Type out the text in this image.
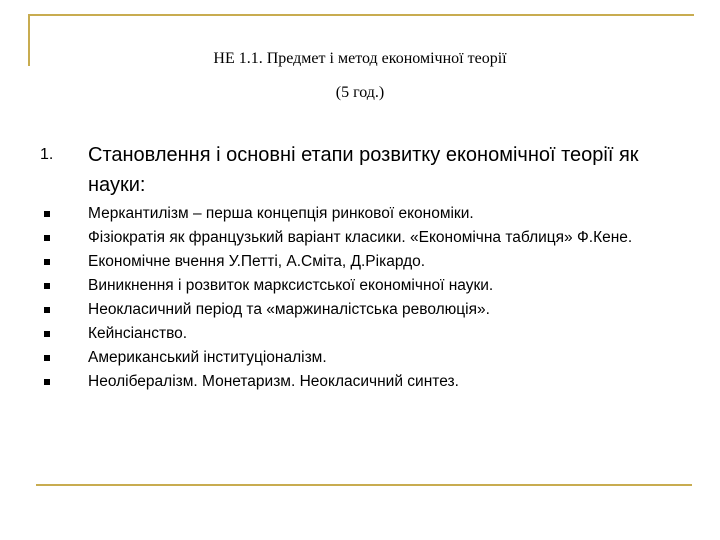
НЕ 1.1. Предмет і метод економічної теорії
(5 год.)
1. Становлення і основні етапи розвитку економічної теорії як науки:
Меркантилізм – перша концепція ринкової економіки.
Фізіократія як французький варіант класики. «Економічна таблиця» Ф.Кене.
Економічне вчення У.Петті, А.Сміта, Д.Рікардо.
Виникнення і розвиток марксистської економічної науки.
Неокласичний період та «маржиналістська революція».
Кейнсіанство.
Американський інституціоналізм.
Неолібералізм. Монетаризм. Неокласичний синтез.
